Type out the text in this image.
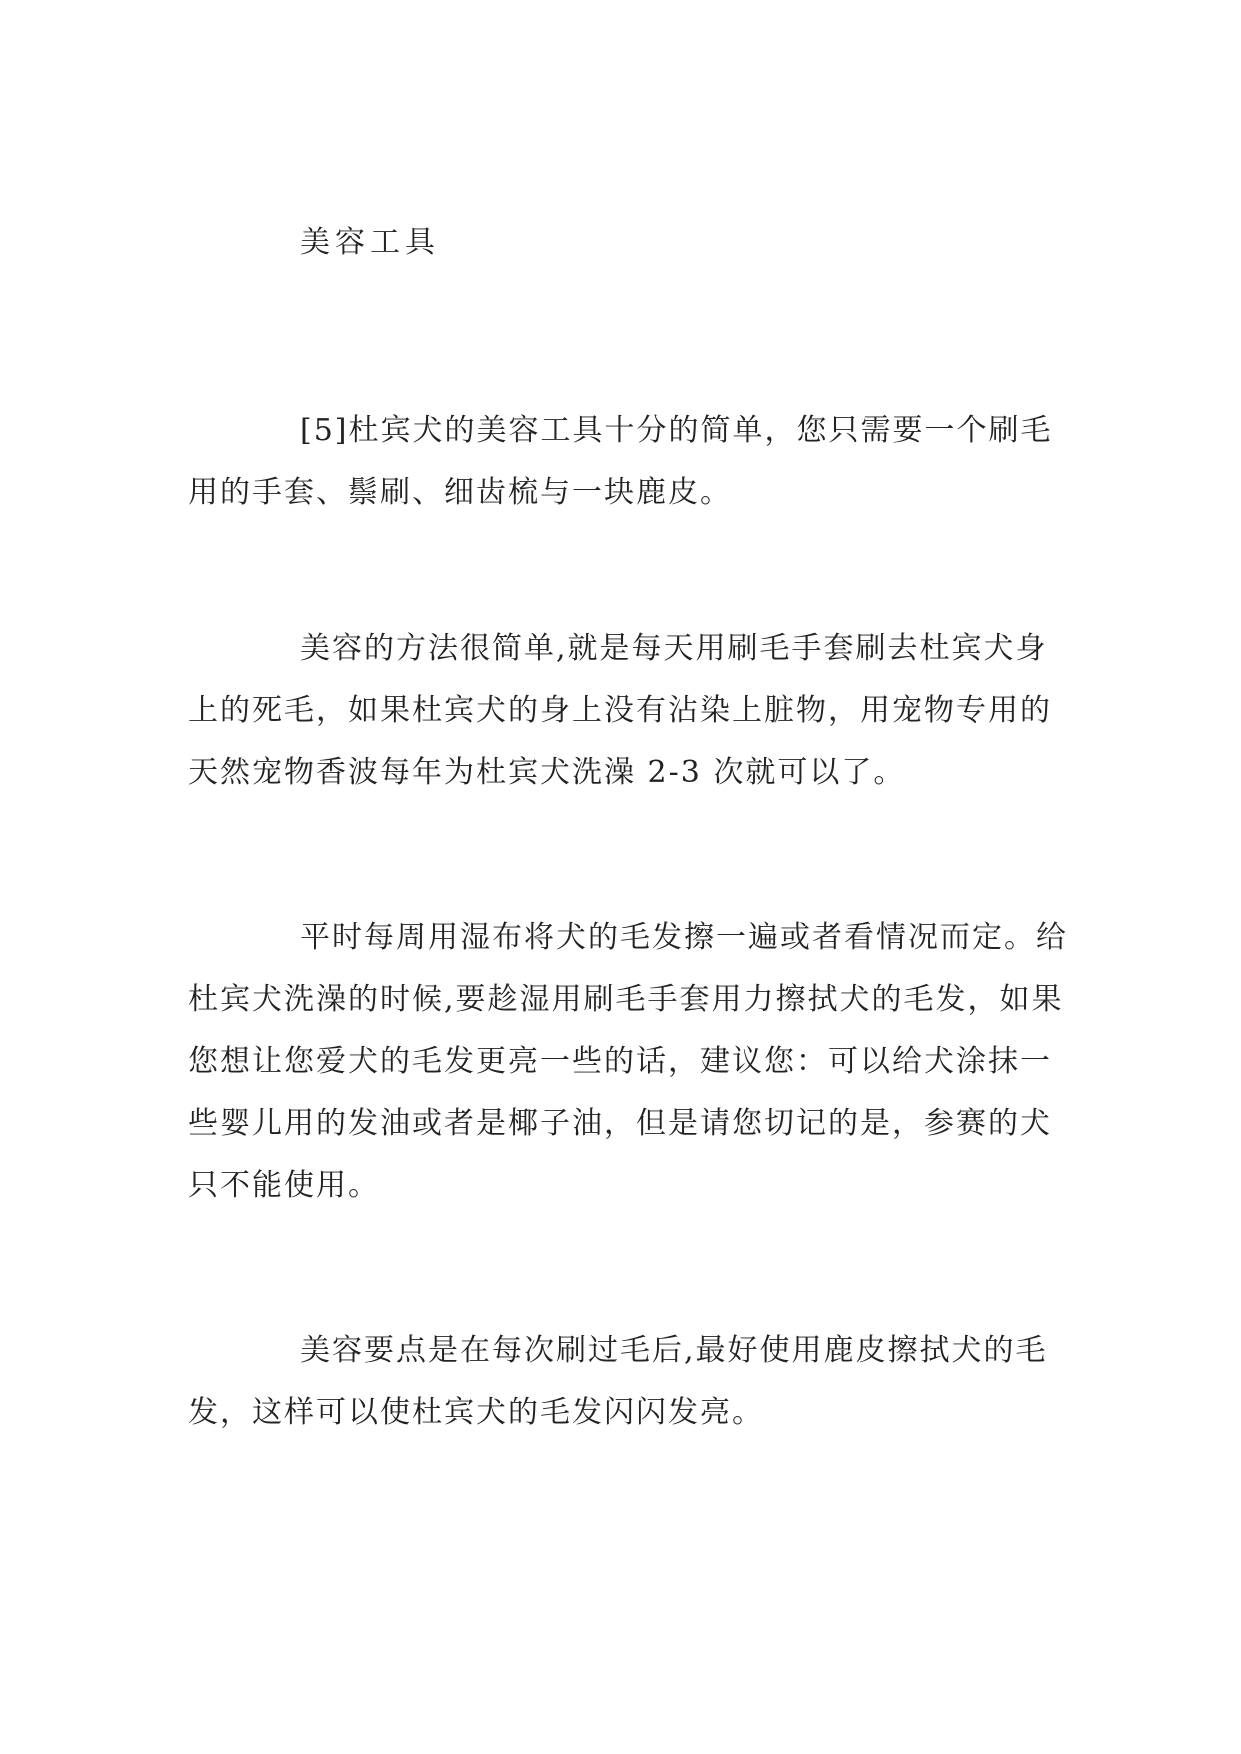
美容工具

[5]杜宾犬的美容工具十分的简单，您只需要一个刷毛用的手套、鬃刷、细齿梳与一块鹿皮。

美容的方法很简单,就是每天用刷毛手套刷去杜宾犬身上的死毛，如果杜宾犬的身上没有沾染上脏物，用宠物专用的天然宠物香波每年为杜宾犬洗澡 2-3 次就可以了。

平时每周用湿布将犬的毛发擦一遍或者看情况而定。给杜宾犬洗澡的时候,要趁湿用刷毛手套用力擦拭犬的毛发，如果您想让您爱犬的毛发更亮一些的话，建议您：可以给犬涂抹一些婴儿用的发油或者是椰子油，但是请您切记的是，参赛的犬只不能使用。

美容要点是在每次刷过毛后,最好使用鹿皮擦拭犬的毛发，这样可以使杜宾犬的毛发闪闪发亮。
